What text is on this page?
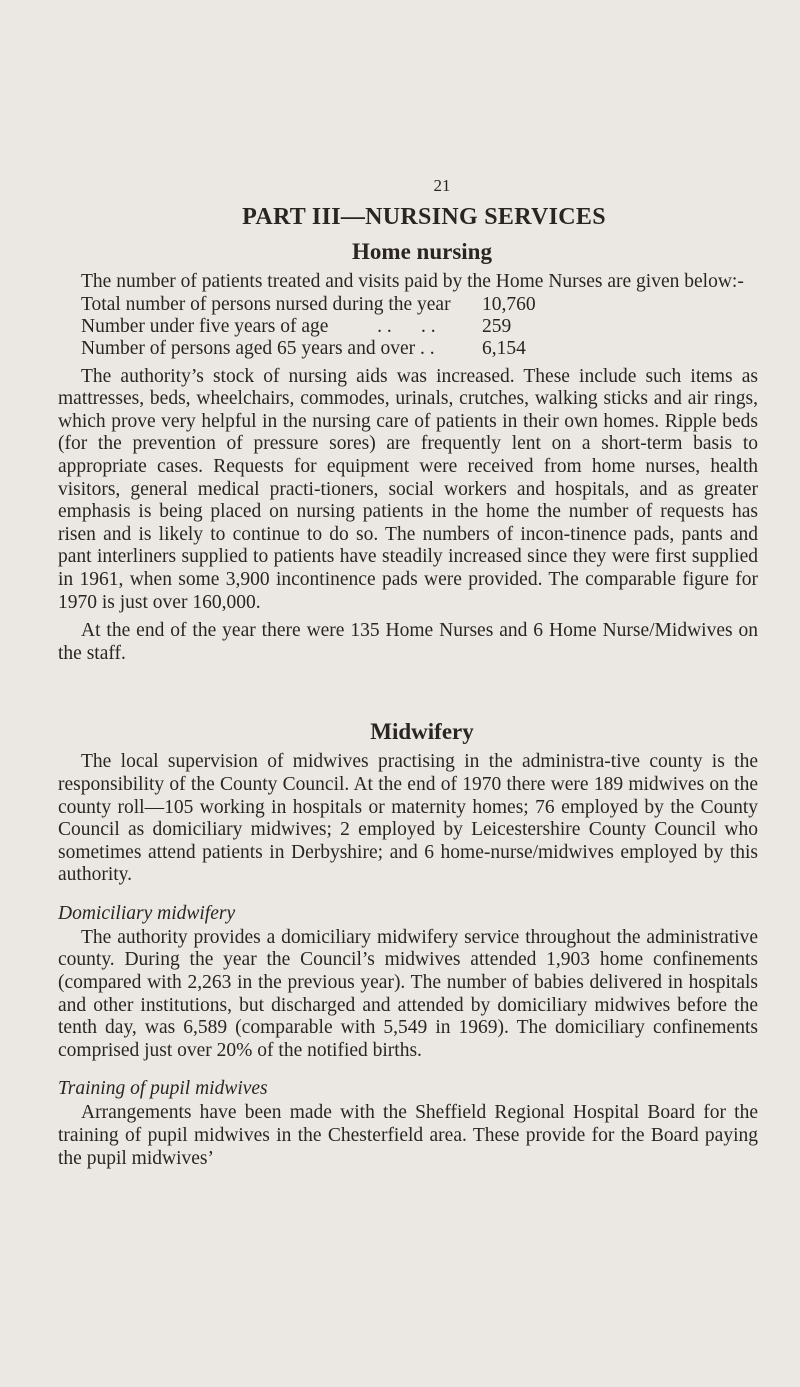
21
PART III—NURSING SERVICES
Home nursing

The number of patients treated and visits paid by the Home Nurses are given below:-

Total number of persons nursed during the year	10,760
Number under five years of age          . .      . .	259
Number of persons aged 65 years and over . .	6,154

The authority’s stock of nursing aids was increased. These include such items as mattresses, beds, wheelchairs, commodes, urinals, crutches, walking sticks and air rings, which prove very helpful in the nursing care of patients in their own homes. Ripple beds (for the prevention of pressure sores) are frequently lent on a short-term basis to appropriate cases. Requests for equipment were received from home nurses, health visitors, general medical practi-tioners, social workers and hospitals, and as greater emphasis is being placed on nursing patients in the home the number of requests has risen and is likely to continue to do so. The numbers of incon-tinence pads, pants and pant interliners supplied to patients have steadily increased since they were first supplied in 1961, when some 3,900 incontinence pads were provided. The comparable figure for 1970 is just over 160,000.

At the end of the year there were 135 Home Nurses and 6 Home Nurse/Midwives on the staff.

Midwifery

The local supervision of midwives practising in the administra-tive county is the responsibility of the County Council. At the end of 1970 there were 189 midwives on the county roll—105 working in hospitals or maternity homes; 76 employed by the County Council as domiciliary midwives; 2 employed by Leicestershire County Council who sometimes attend patients in Derbyshire; and 6 home-nurse/midwives employed by this authority.

Domiciliary midwifery

The authority provides a domiciliary midwifery service throughout the administrative county. During the year the Council’s midwives attended 1,903 home confinements (compared with 2,263 in the previous year). The number of babies delivered in hospitals and other institutions, but discharged and attended by domiciliary midwives before the tenth day, was 6,589 (comparable with 5,549 in 1969). The domiciliary confinements comprised just over 20% of the notified births.

Training of pupil midwives

Arrangements have been made with the Sheffield Regional Hospital Board for the training of pupil midwives in the Chesterfield area. These provide for the Board paying the pupil midwives’
